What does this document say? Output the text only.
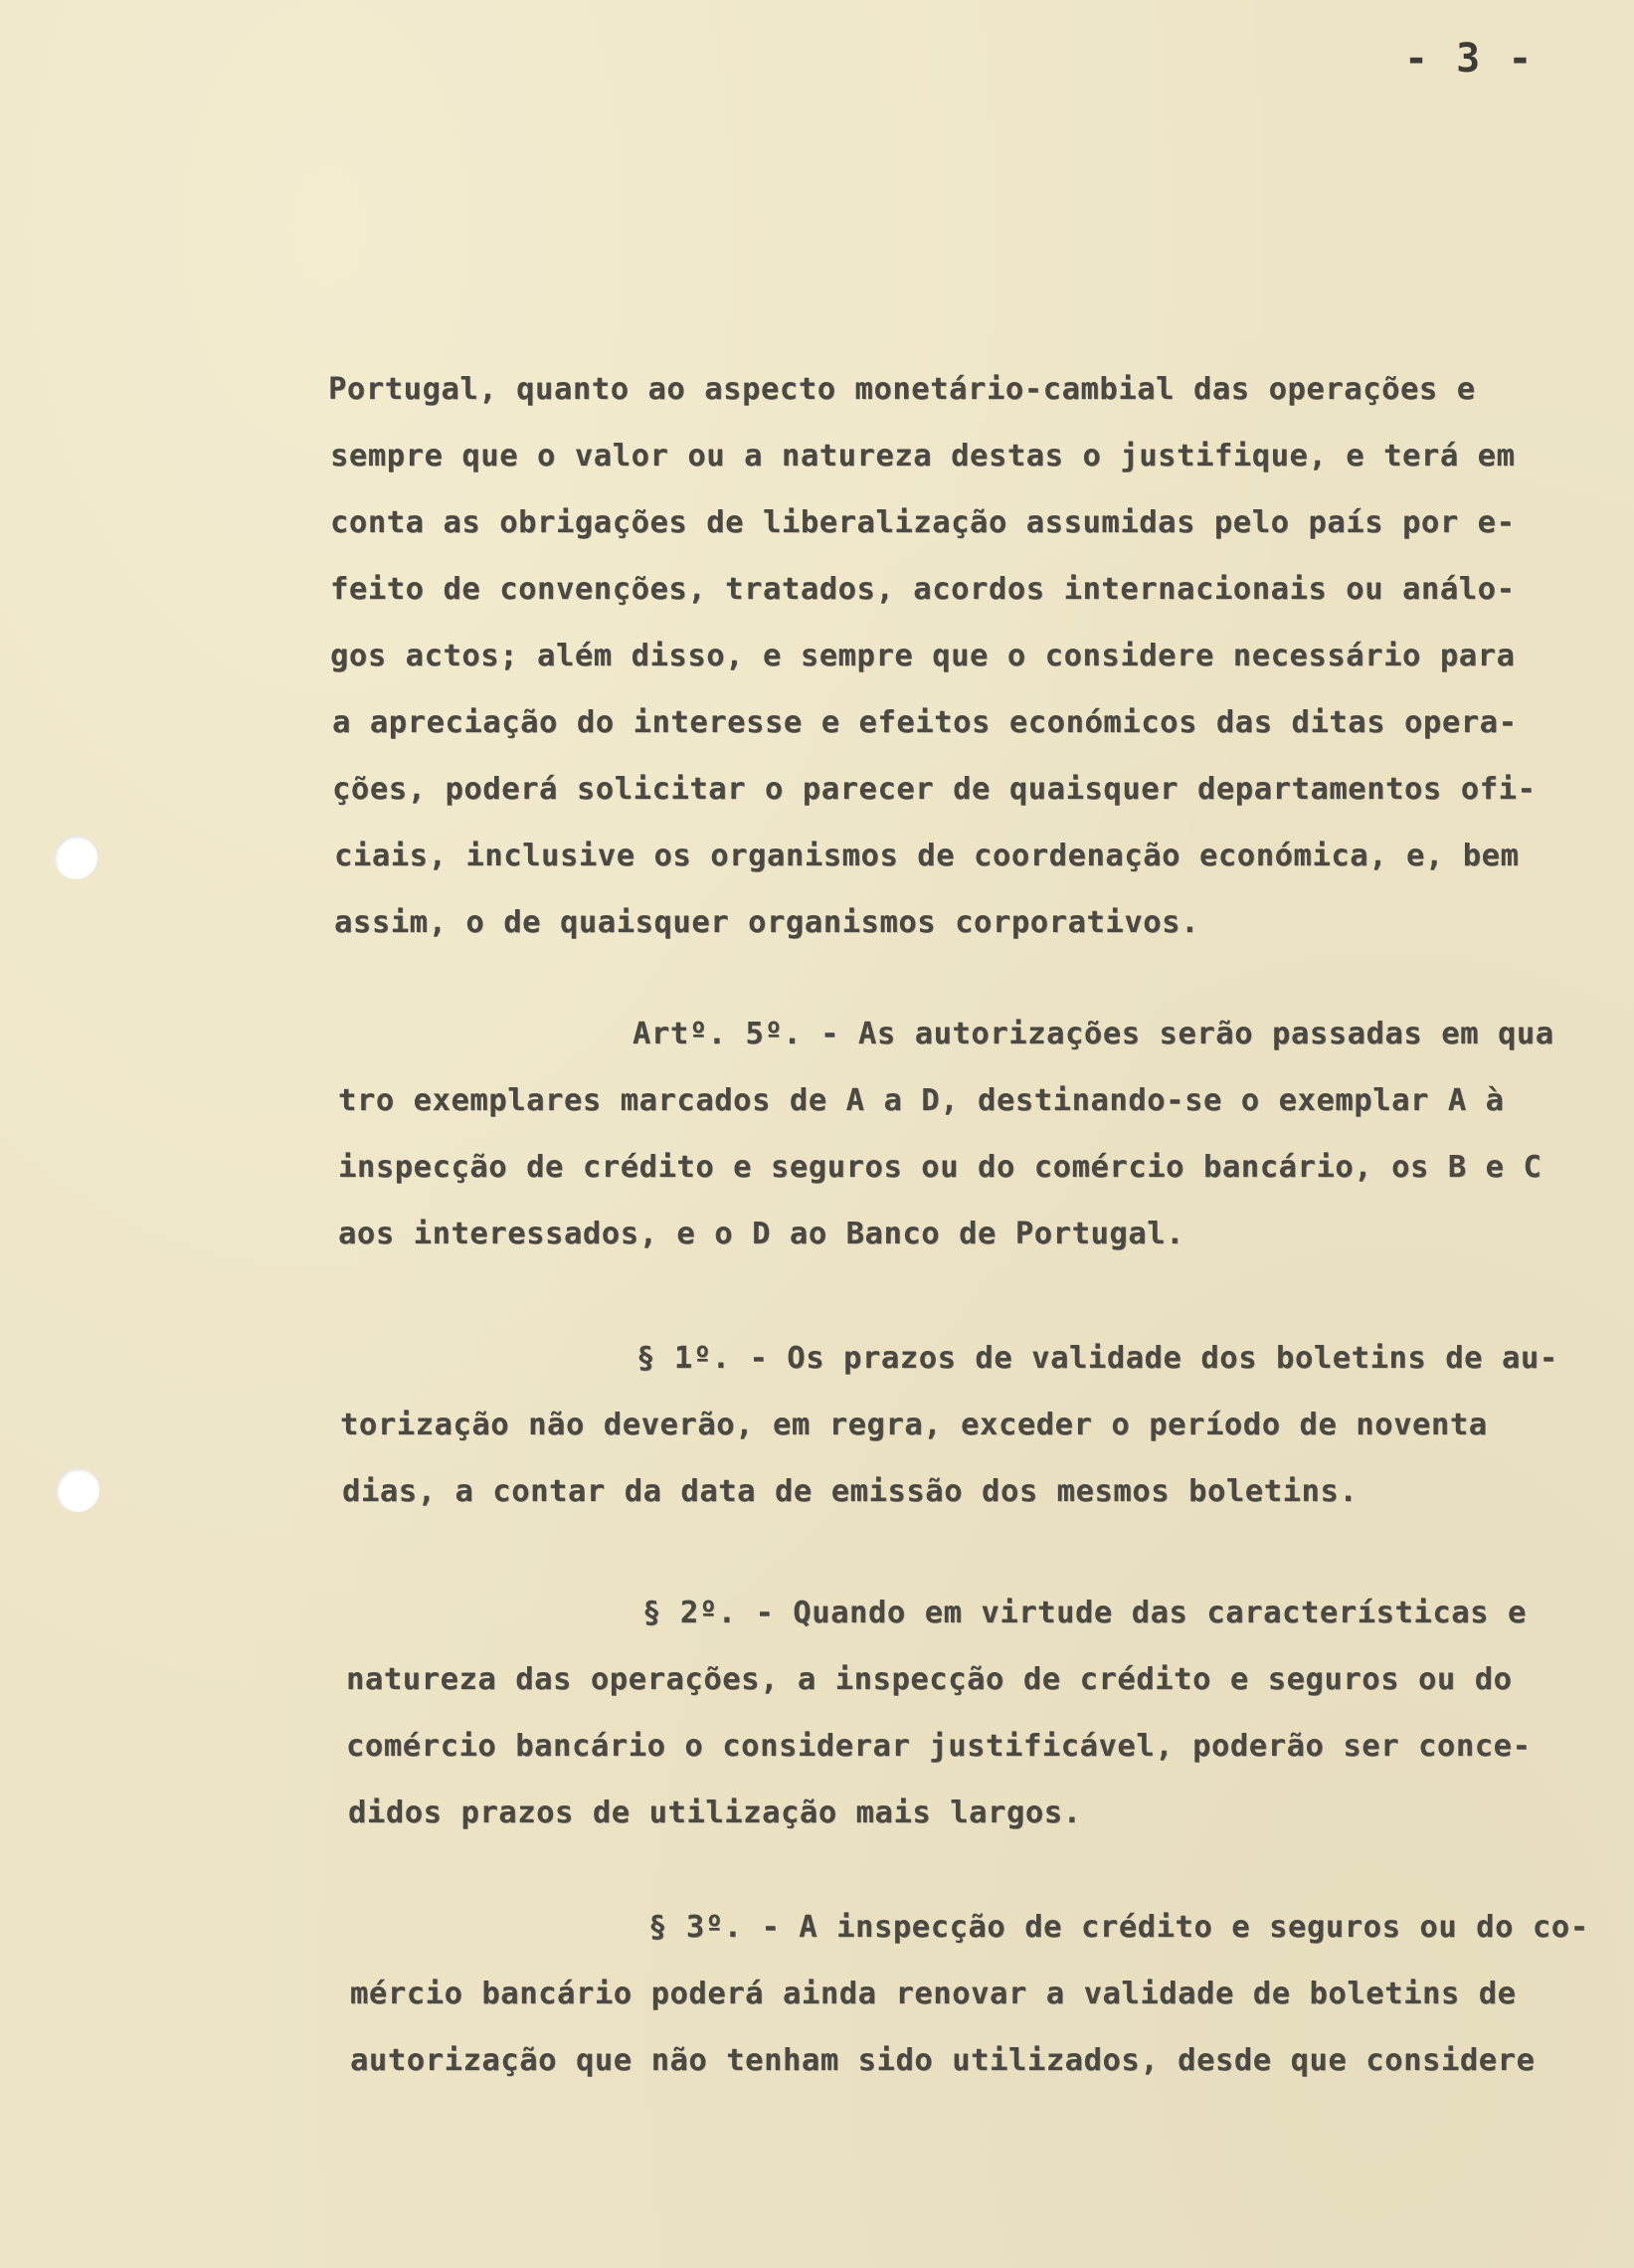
- 3 -
Portugal, quanto ao aspecto monetário-cambial das operações e
sempre que o valor ou a natureza destas o justifique, e terá em
conta as obrigações de liberalização assumidas pelo país por e-
feito de convenções, tratados, acordos internacionais ou análo-
gos actos; além disso, e sempre que o considere necessário para
a apreciação do interesse e efeitos económicos das ditas opera-
ções, poderá solicitar o parecer de quaisquer departamentos ofi-
ciais, inclusive os organismos de coordenação económica, e, bem
assim, o de quaisquer organismos corporativos.
Artº. 5º. - As autorizações serão passadas em qua
tro exemplares marcados de A a D, destinando-se o exemplar A à
inspecção de crédito e seguros ou do comércio bancário, os B e C
aos interessados, e o D ao Banco de Portugal.
§ 1º. - Os prazos de validade dos boletins de au-
torização não deverão, em regra, exceder o período de noventa
dias, a contar da data de emissão dos mesmos boletins.
§ 2º. - Quando em virtude das características e
natureza das operações, a inspecção de crédito e seguros ou do
comércio bancário o considerar justificável, poderão ser conce-
didos prazos de utilização mais largos.
§ 3º. - A inspecção de crédito e seguros ou do co-
mércio bancário poderá ainda renovar a validade de boletins de
autorização que não tenham sido utilizados, desde que considere
